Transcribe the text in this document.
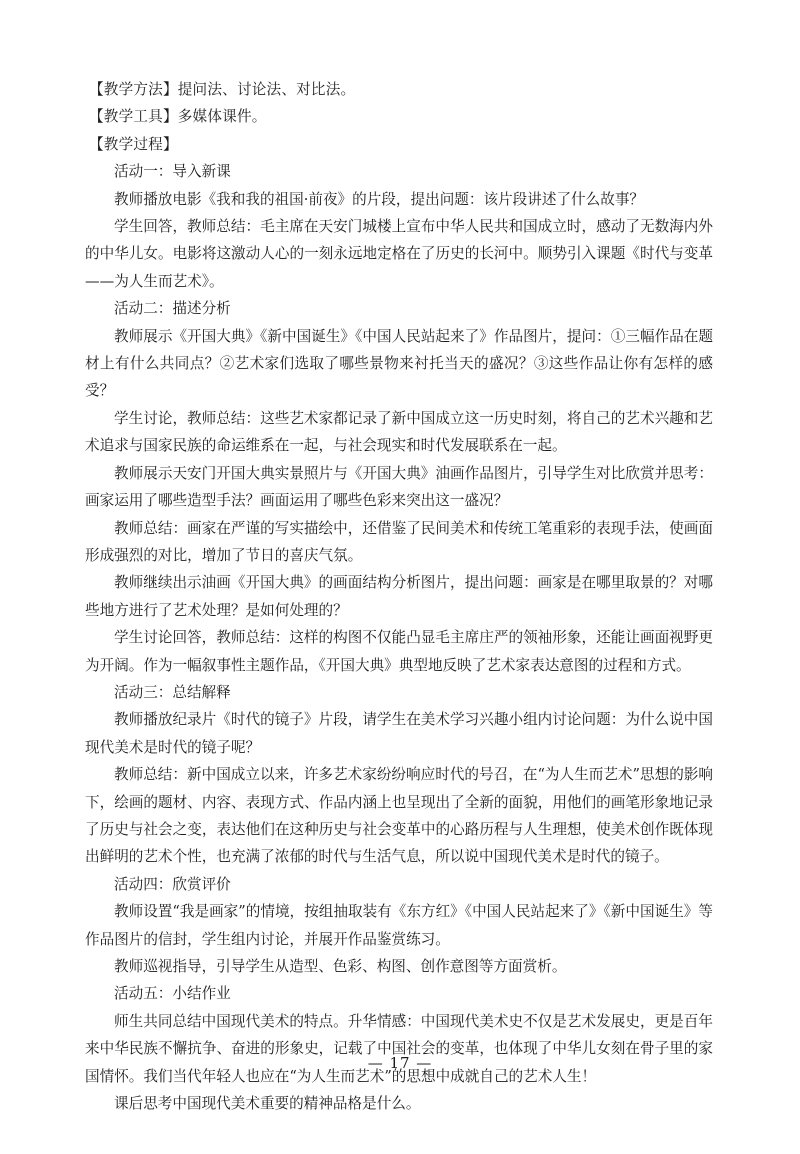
【教学方法】提问法、讨论法、对比法。

【教学工具】多媒体课件。

【教学过程】

活动一：导入新课

教师播放电影《我和我的祖国·前夜》的片段，提出问题：该片段讲述了什么故事？

学生回答，教师总结：毛主席在天安门城楼上宣布中华人民共和国成立时，感动了无数海内外的中华儿女。电影将这激动人心的一刻永远地定格在了历史的长河中。顺势引入课题《时代与变革——为人生而艺术》。

活动二：描述分析

教师展示《开国大典》《新中国诞生》《中国人民站起来了》作品图片，提问：①三幅作品在题材上有什么共同点？②艺术家们选取了哪些景物来衬托当天的盛况？③这些作品让你有怎样的感受？

学生讨论，教师总结：这些艺术家都记录了新中国成立这一历史时刻，将自己的艺术兴趣和艺术追求与国家民族的命运维系在一起，与社会现实和时代发展联系在一起。

教师展示天安门开国大典实景照片与《开国大典》油画作品图片，引导学生对比欣赏并思考：画家运用了哪些造型手法？画面运用了哪些色彩来突出这一盛况？

教师总结：画家在严谨的写实描绘中，还借鉴了民间美术和传统工笔重彩的表现手法，使画面形成强烈的对比，增加了节日的喜庆气氛。

教师继续出示油画《开国大典》的画面结构分析图片，提出问题：画家是在哪里取景的？对哪些地方进行了艺术处理？是如何处理的？

学生讨论回答，教师总结：这样的构图不仅能凸显毛主席庄严的领袖形象，还能让画面视野更为开阔。作为一幅叙事性主题作品，《开国大典》典型地反映了艺术家表达意图的过程和方式。

活动三：总结解释

教师播放纪录片《时代的镜子》片段，请学生在美术学习兴趣小组内讨论问题：为什么说中国现代美术是时代的镜子呢？

教师总结：新中国成立以来，许多艺术家纷纷响应时代的号召，在“为人生而艺术”思想的影响下，绘画的题材、内容、表现方式、作品内涵上也呈现出了全新的面貌，用他们的画笔形象地记录了历史与社会之变，表达他们在这种历史与社会变革中的心路历程与人生理想，使美术创作既体现出鲜明的艺术个性，也充满了浓郁的时代与生活气息，所以说中国现代美术是时代的镜子。

活动四：欣赏评价

教师设置“我是画家”的情境，按组抽取装有《东方红》《中国人民站起来了》《新中国诞生》等作品图片的信封，学生组内讨论，并展开作品鉴赏练习。

教师巡视指导，引导学生从造型、色彩、构图、创作意图等方面赏析。

活动五：小结作业

师生共同总结中国现代美术的特点。升华情感：中国现代美术史不仅是艺术发展史，更是百年来中华民族不懈抗争、奋进的形象史，记载了中国社会的变革，也体现了中华儿女刻在骨子里的家国情怀。我们当代年轻人也应在“为人生而艺术”的思想中成就自己的艺术人生！

课后思考中国现代美术重要的精神品格是什么。

— 17 —
